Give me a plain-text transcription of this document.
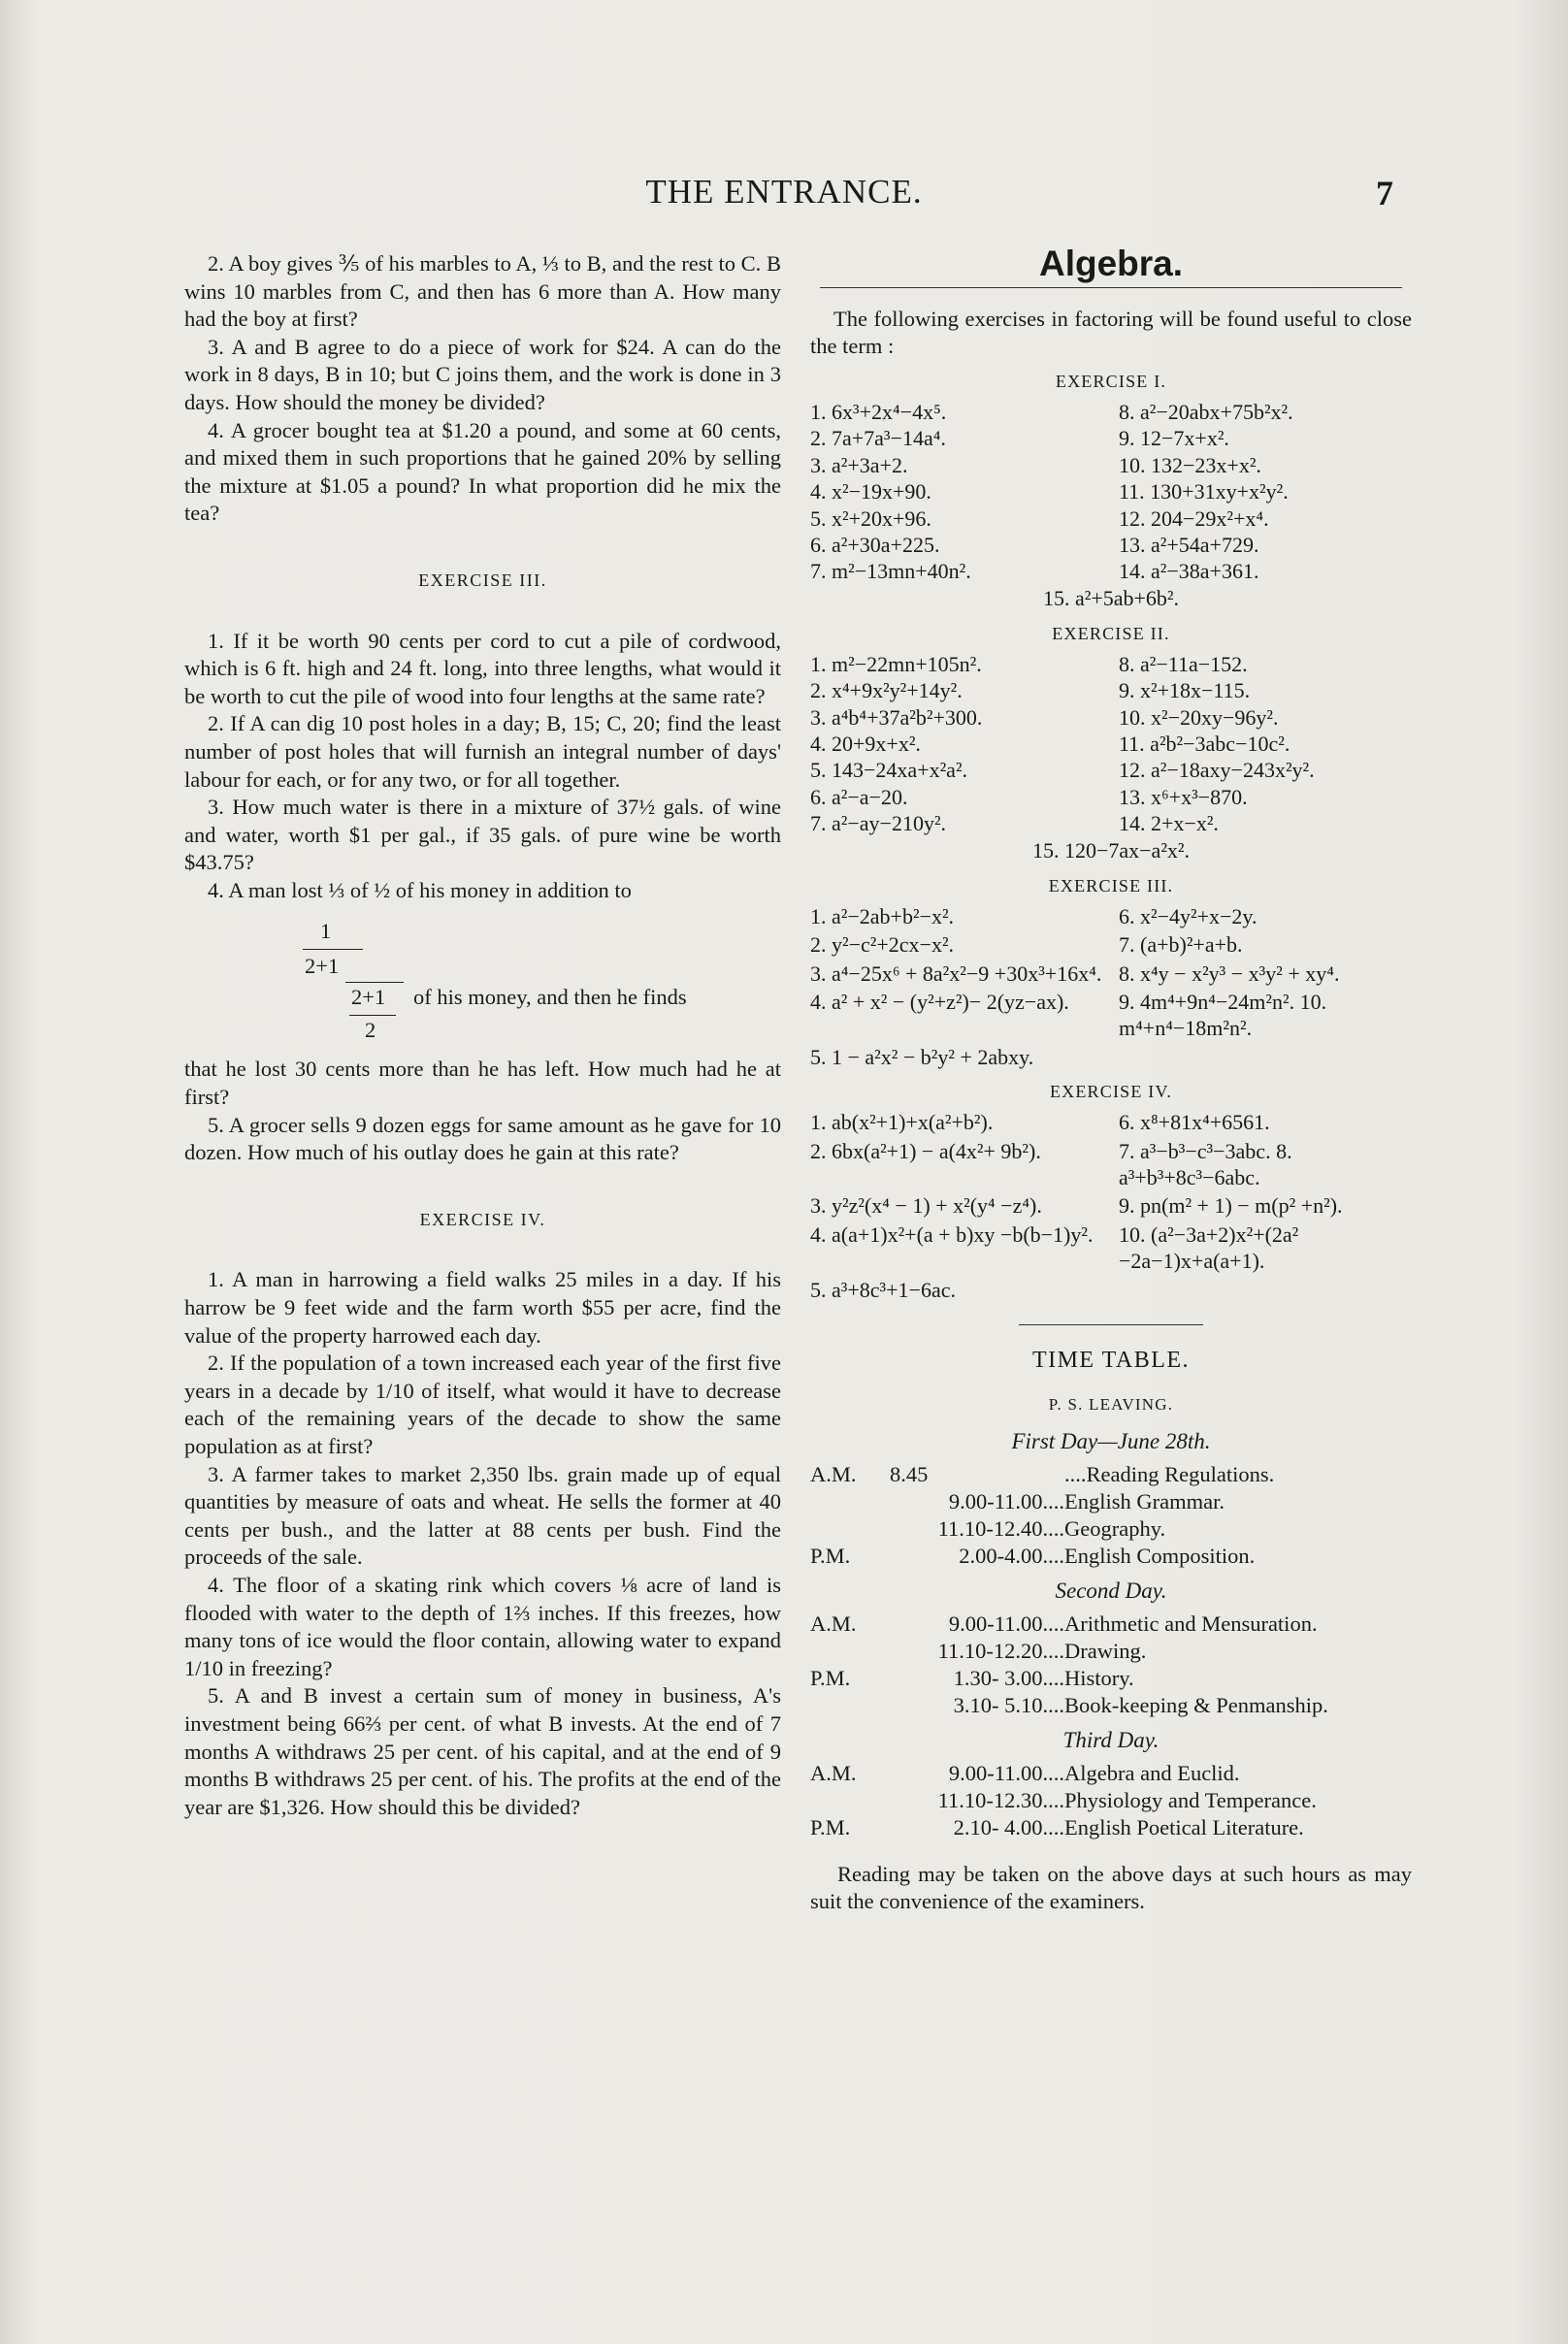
THE ENTRANCE.	7

2. A boy gives ⅗ of his marbles to A, ⅓ to B, and the rest to C. B wins 10 marbles from C, and then has 6 more than A. How many had the boy at first?

3. A and B agree to do a piece of work for $24. A can do the work in 8 days, B in 10; but C joins them, and the work is done in 3 days. How should the money be divided?

4. A grocer bought tea at $1.20 a pound, and some at 60 cents, and mixed them in such proportions that he gained 20% by selling the mixture at $1.05 a pound? In what proportion did he mix the tea?

EXERCISE III.

1. If it be worth 90 cents per cord to cut a pile of cordwood, which is 6 ft. high and 24 ft. long, into three lengths, what would it be worth to cut the pile of wood into four lengths at the same rate?

2. If A can dig 10 post holes in a day; B, 15; C, 20; find the least number of post holes that will furnish an integral number of days' labour for each, or for any two, or for all together.

3. How much water is there in a mixture of 37½ gals. of wine and water, worth $1 per gal., if 35 gals. of pure wine be worth $43.75?

4. A man lost ⅓ of ½ of his money in addition to

1
2+1
2+1 of his money, and then he finds
2

that he lost 30 cents more than he has left. How much had he at first?

5. A grocer sells 9 dozen eggs for same amount as he gave for 10 dozen. How much of his outlay does he gain at this rate?

EXERCISE IV.

1. A man in harrowing a field walks 25 miles in a day. If his harrow be 9 feet wide and the farm worth $55 per acre, find the value of the property harrowed each day.

2. If the population of a town increased each year of the first five years in a decade by 1/10 of itself, what would it have to decrease each of the remaining years of the decade to show the same population as at first?

3. A farmer takes to market 2,350 lbs. grain made up of equal quantities by measure of oats and wheat. He sells the former at 40 cents per bush., and the latter at 88 cents per bush. Find the proceeds of the sale.

4. The floor of a skating rink which covers ⅛ acre of land is flooded with water to the depth of 1⅔ inches. If this freezes, how many tons of ice would the floor contain, allowing water to expand 1/10 in freezing?

5. A and B invest a certain sum of money in business, A's investment being 66⅔ per cent. of what B invests. At the end of 7 months A withdraws 25 per cent. of his capital, and at the end of 9 months B withdraws 25 per cent. of his. The profits at the end of the year are $1,326. How should this be divided?

Algebra.

The following exercises in factoring will be found useful to close the term :

EXERCISE I.
1. 6x³+2x⁴−4x⁵.	8. a²−20abx+75b²x².
2. 7a+7a³−14a⁴.	9. 12−7x+x².
3. a²+3a+2.	10. 132−23x+x².
4. x²−19x+90.	11. 130+31xy+x²y².
5. x²+20x+96.	12. 204−29x²+x⁴.
6. a²+30a+225.	13. a²+54a+729.
7. m²−13mn+40n².	14. a²−38a+361.
15. a²+5ab+6b².
EXERCISE II.
1. m²−22mn+105n².	8. a²−11a−152.
2. x⁴+9x²y²+14y².	9. x²+18x−115.
3. a⁴b⁴+37a²b²+300.	10. x²−20xy−96y².
4. 20+9x+x².	11. a²b²−3abc−10c².
5. 143−24xa+x²a².	12. a²−18axy−243x²y².
6. a²−a−20.	13. x⁶+x³−870.
7. a²−ay−210y².	14. 2+x−x².
15. 120−7ax−a²x².
EXERCISE III.
1. a²−2ab+b²−x².	6. x²−4y²+x−2y.
2. y²−c²+2cx−x².	7. (a+b)²+a+b.
3. a⁴−25x⁶ + 8a²x²−9 +30x³+16x⁴. 8. x⁴y − x²y³ − x³y² + xy⁴.
4. a² + x² − (y²+z²)− 2(yz−ax).	9. 4m⁴+9n⁴−24m²n². 10. m⁴+n⁴−18m²n².
5. 1 − a²x² − b²y² + 2abxy.
EXERCISE IV.
1. ab(x²+1)+x(a²+b²).	6. x⁸+81x⁴+6561.
2. 6bx(a²+1) − a(4x²+ 9b²).	7. a³−b³−c³−3abc. 8. a³+b³+8c³−6abc.
3. y²z²(x⁴ − 1) + x²(y⁴ −z⁴).	9. pn(m² + 1) − m(p² +n²).
4. a(a+1)x²+(a + b)xy −b(b−1)y².	10. (a²−3a+2)x²+(2a² −2a−1)x+a(a+1).
5. a³+8c³+1−6ac.
TIME TABLE.
P. S. LEAVING.
First Day—June 28th.
A.M.	8.45	....Reading Regulations.
9.00-11.00.... English Grammar.
11.10-12.40.... Geography.
P.M.	2.00-4.00.... English Composition.
Second Day.
A.M.	9.00-11.00.... Arithmetic and Mensuration.
11.10-12.20.... Drawing.
P.M.	1.30- 3.00.... History.
3.10- 5.10.... Book-keeping & Penmanship.
Third Day.
A.M.	9.00-11.00.... Algebra and Euclid.
11.10-12.30.... Physiology and Temperance.
P.M.	2.10- 4.00.... English Poetical Literature.

Reading may be taken on the above days at such hours as may suit the convenience of the examiners.
